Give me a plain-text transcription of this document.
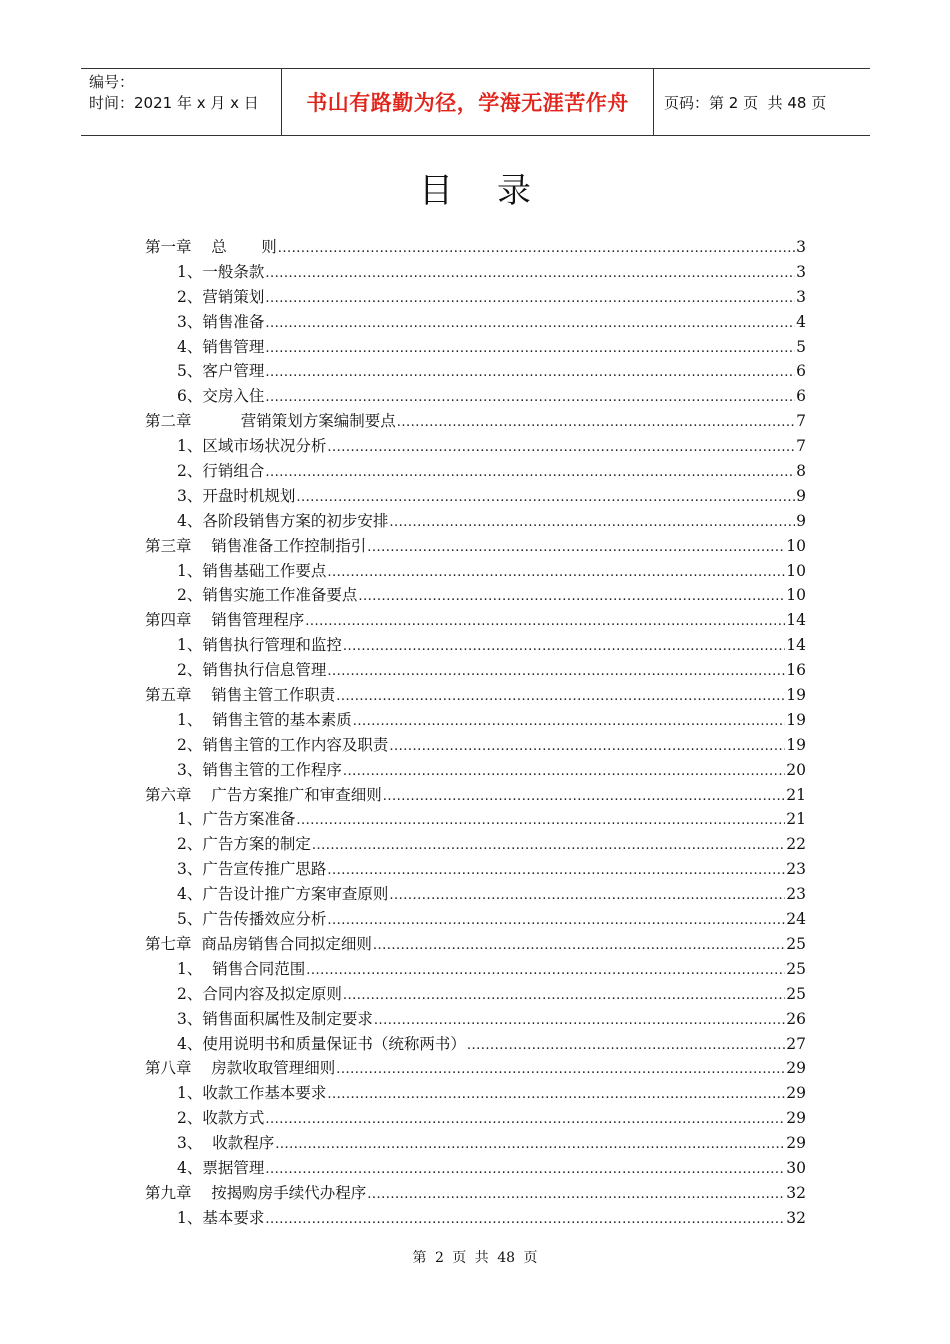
编号：
时间：2021 年 x 月 x 日	书山有路勤为径，学海无涯苦作舟 页码：第 2 页  共 48 页
目录
第一章    总       则 .....	3
1、一般条款 .....	3
2、营销策划 .....	3
3、销售准备 .....	4
4、销售管理 .....	5
5、客户管理 .....	6
6、交房入住 .....	6
第二章          营销策划方案编制要点 .....	7
1、区域市场状况分析 .....	7
2、行销组合 .....	8
3、开盘时机规划 .....	9
4、各阶段销售方案的初步安排 .....	9
第三章    销售准备工作控制指引 .....	10
1、销售基础工作要点 .....	10
2、销售实施工作准备要点 .....	10
第四章    销售管理程序 .....	14
1、销售执行管理和监控 .....	14
2、销售执行信息管理 .....	16
第五章    销售主管工作职责 .....	19
1、  销售主管的基本素质 .....	19
2、销售主管的工作内容及职责 .....	19
3、销售主管的工作程序 .....	20
第六章    广告方案推广和审查细则 .....	21
1、广告方案准备 .....	21
2、广告方案的制定 .....	22
3、广告宣传推广思路 .....	23
4、广告设计推广方案审查原则 .....	23
5、广告传播效应分析 .....	24
第七章  商品房销售合同拟定细则 .....	25
1、  销售合同范围 .....	25
2、合同内容及拟定原则 .....	25
3、销售面积属性及制定要求 .....	26
4、使用说明书和质量保证书（统称两书） .....	27
第八章    房款收取管理细则 .....	29
1、收款工作基本要求 .....	29
2、收款方式 .....	29
3、  收款程序 .....	29
4、票据管理 .....	30
第九章    按揭购房手续代办程序 .....	32
1、基本要求 .....	32
第 2 页 共 48 页
